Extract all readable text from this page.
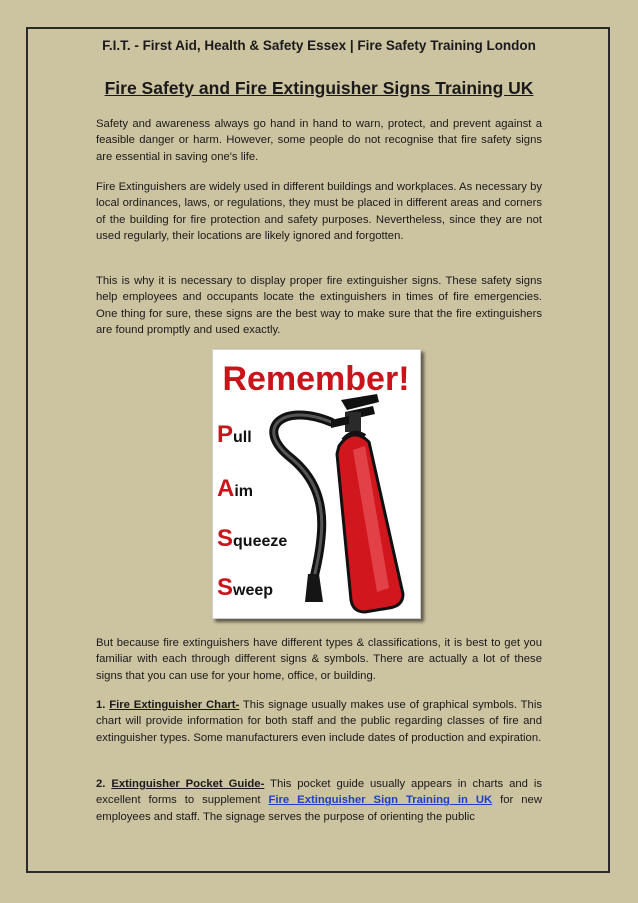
F.I.T. - First Aid, Health & Safety Essex | Fire Safety Training London
Fire Safety and Fire Extinguisher Signs Training UK

Safety and awareness always go hand in hand to warn, protect, and prevent against a feasible danger or harm. However, some people do not recognise that fire safety signs are essential in saving one's life.

Fire Extinguishers are widely used in different buildings and workplaces. As necessary by local ordinances, laws, or regulations, they must be placed in different areas and corners of the building for fire protection and safety purposes. Nevertheless, since they are not used regularly, their locations are likely ignored and forgotten.

This is why it is necessary to display proper fire extinguisher signs. These safety signs help employees and occupants locate the extinguishers in times of fire emergencies. One thing for sure, these signs are the best way to make sure that the fire extinguishers are found promptly and used exactly.

Remember!
Pull
Aim
Squeeze
Sweep

But because fire extinguishers have different types & classifications, it is best to get you familiar with each through different signs & symbols. There are actually a lot of these signs that you can use for your home, office, or building.

1. Fire Extinguisher Chart- This signage usually makes use of graphical symbols. This chart will provide information for both staff and the public regarding classes of fire and extinguisher types. Some manufacturers even include dates of production and expiration.

2. Extinguisher Pocket Guide- This pocket guide usually appears in charts and is excellent forms to supplement Fire Extinguisher Sign Training in UK for new employees and staff. The signage serves the purpose of orienting the public
